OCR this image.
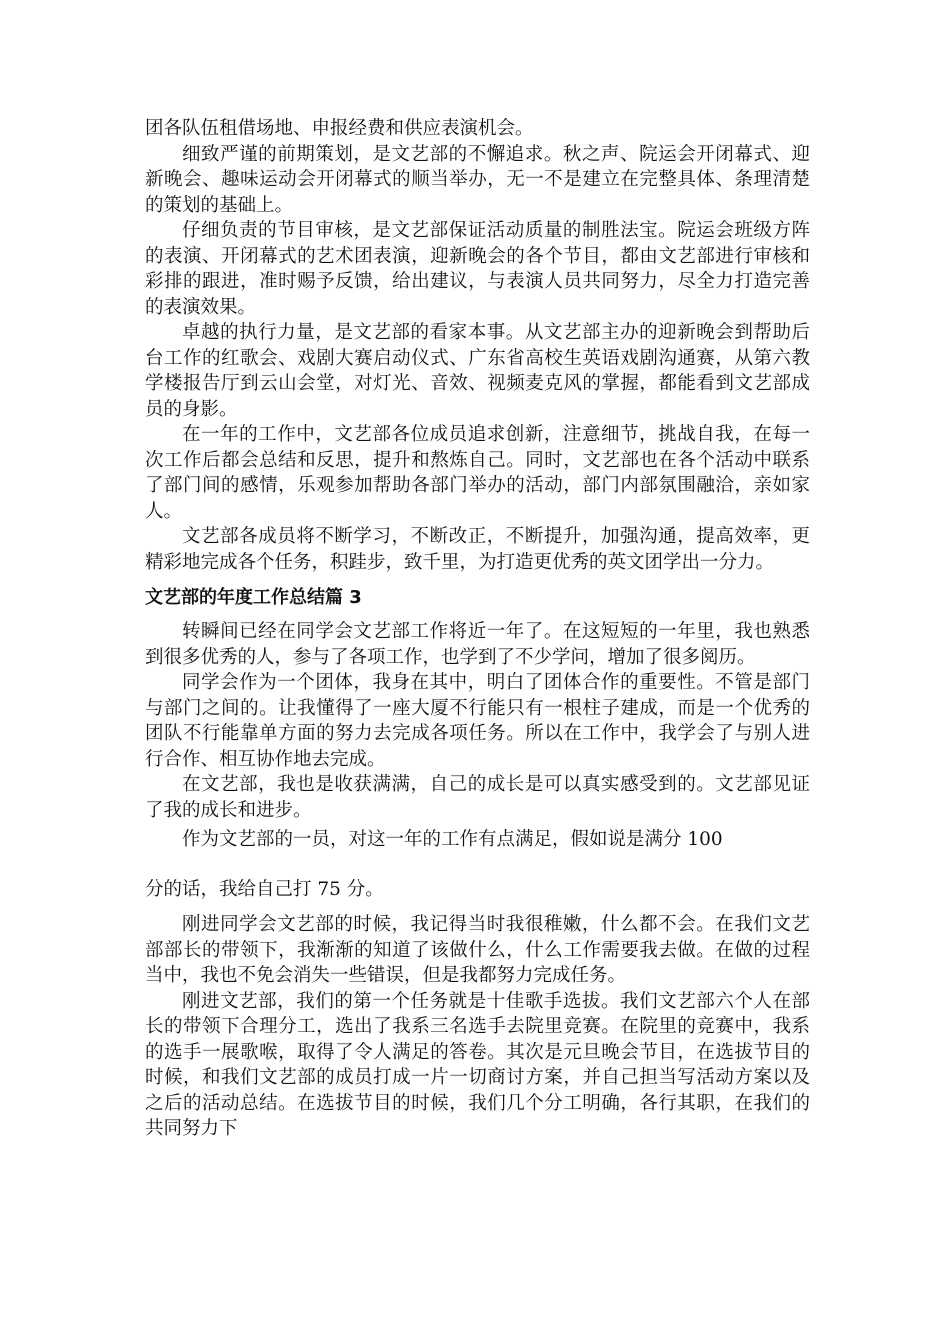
团各队伍租借场地、申报经费和供应表演机会。

细致严谨的前期策划，是文艺部的不懈追求。秋之声、院运会开闭幕式、迎新晚会、趣味运动会开闭幕式的顺当举办，无一不是建立在完整具体、条理清楚的策划的基础上。

仔细负责的节目审核，是文艺部保证活动质量的制胜法宝。院运会班级方阵的表演、开闭幕式的艺术团表演，迎新晚会的各个节目，都由文艺部进行审核和彩排的跟进，准时赐予反馈，给出建议，与表演人员共同努力，尽全力打造完善的表演效果。

卓越的执行力量，是文艺部的看家本事。从文艺部主办的迎新晚会到帮助后台工作的红歌会、戏剧大赛启动仪式、广东省高校生英语戏剧沟通赛，从第六教学楼报告厅到云山会堂，对灯光、音效、视频麦克风的掌握，都能看到文艺部成员的身影。

在一年的工作中，文艺部各位成员追求创新，注意细节，挑战自我，在每一次工作后都会总结和反思，提升和熬炼自己。同时，文艺部也在各个活动中联系了部门间的感情，乐观参加帮助各部门举办的活动，部门内部氛围融洽，亲如家人。

文艺部各成员将不断学习，不断改正，不断提升，加强沟通，提高效率，更精彩地完成各个任务，积跬步，致千里，为打造更优秀的英文团学出一分力。

文艺部的年度工作总结篇 3

转瞬间已经在同学会文艺部工作将近一年了。在这短短的一年里，我也熟悉到很多优秀的人，参与了各项工作，也学到了不少学问，增加了很多阅历。

同学会作为一个团体，我身在其中，明白了团体合作的重要性。不管是部门与部门之间的。让我懂得了一座大厦不行能只有一根柱子建成，而是一个优秀的团队不行能靠单方面的努力去完成各项任务。所以在工作中，我学会了与别人进行合作、相互协作地去完成。

在文艺部，我也是收获满满，自己的成长是可以真实感受到的。文艺部见证了我的成长和进步。

作为文艺部的一员，对这一年的工作有点满足，假如说是满分 100

分的话，我给自己打 75 分。

刚进同学会文艺部的时候，我记得当时我很稚嫩，什么都不会。在我们文艺部部长的带领下，我渐渐的知道了该做什么，什么工作需要我去做。在做的过程当中，我也不免会消失一些错误，但是我都努力完成任务。

刚进文艺部，我们的第一个任务就是十佳歌手选拔。我们文艺部六个人在部长的带领下合理分工，选出了我系三名选手去院里竞赛。在院里的竞赛中，我系的选手一展歌喉，取得了令人满足的答卷。其次是元旦晚会节目，在选拔节目的时候，和我们文艺部的成员打成一片一切商讨方案，并自己担当写活动方案以及之后的活动总结。在选拔节目的时候，我们几个分工明确，各行其职，在我们的共同努力下
